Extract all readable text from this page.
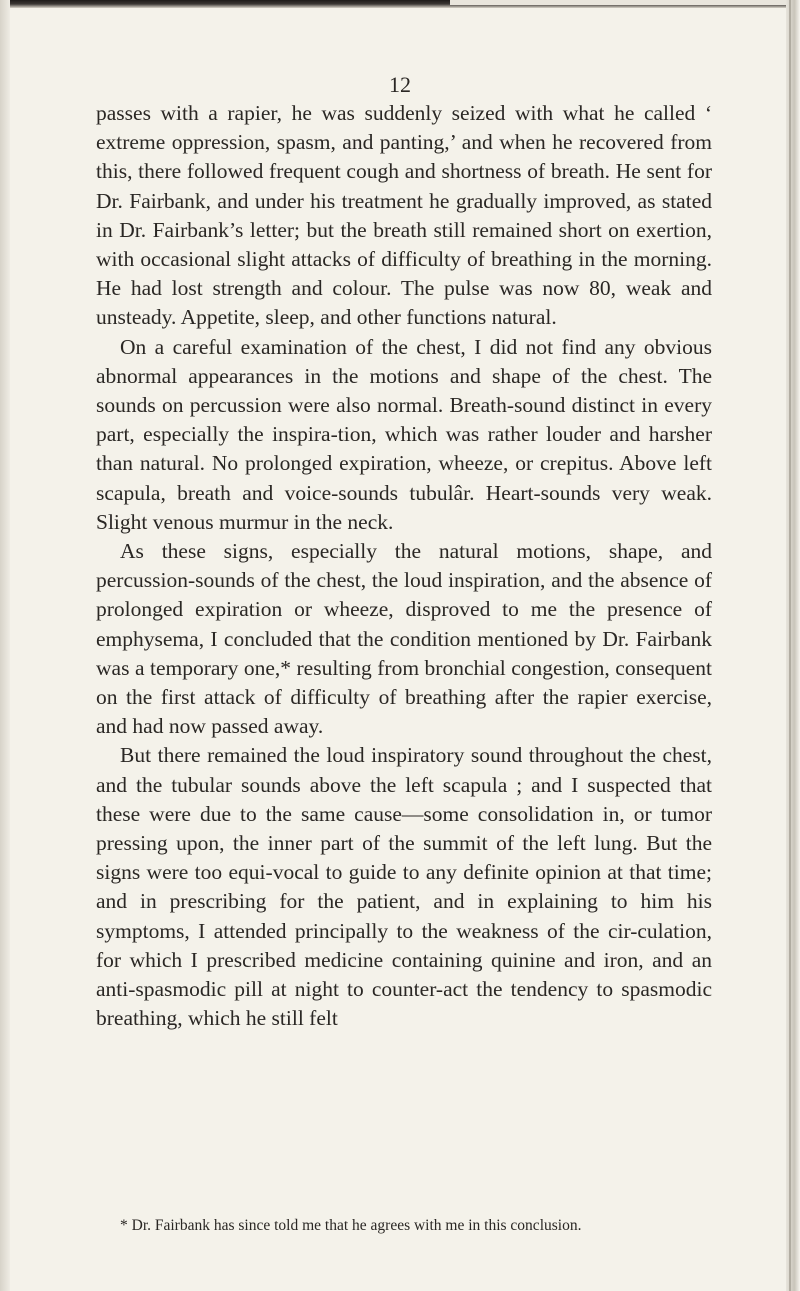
12

passes with a rapier, he was suddenly seized with what he called ‘ extreme oppression, spasm, and panting,’ and when he recovered from this, there followed frequent cough and shortness of breath. He sent for Dr. Fairbank, and under his treatment he gradually improved, as stated in Dr. Fairbank’s letter; but the breath still remained short on exertion, with occasional slight attacks of difficulty of breathing in the morning. He had lost strength and colour. The pulse was now 80, weak and unsteady. Appetite, sleep, and other functions natural.

On a careful examination of the chest, I did not find any obvious abnormal appearances in the motions and shape of the chest. The sounds on percussion were also normal. Breath-sound distinct in every part, especially the inspira-tion, which was rather louder and harsher than natural. No prolonged expiration, wheeze, or crepitus. Above left scapula, breath and voice-sounds tubulâr. Heart-sounds very weak. Slight venous murmur in the neck.

As these signs, especially the natural motions, shape, and percussion-sounds of the chest, the loud inspiration, and the absence of prolonged expiration or wheeze, disproved to me the presence of emphysema, I concluded that the condition mentioned by Dr. Fairbank was a temporary one,* resulting from bronchial congestion, consequent on the first attack of difficulty of breathing after the rapier exercise, and had now passed away.

But there remained the loud inspiratory sound throughout the chest, and the tubular sounds above the left scapula ; and I suspected that these were due to the same cause—some consolidation in, or tumor pressing upon, the inner part of the summit of the left lung. But the signs were too equi-vocal to guide to any definite opinion at that time; and in prescribing for the patient, and in explaining to him his symptoms, I attended principally to the weakness of the cir-culation, for which I prescribed medicine containing quinine and iron, and an anti-spasmodic pill at night to counter-act the tendency to spasmodic breathing, which he still felt

* Dr. Fairbank has since told me that he agrees with me in this conclusion.
